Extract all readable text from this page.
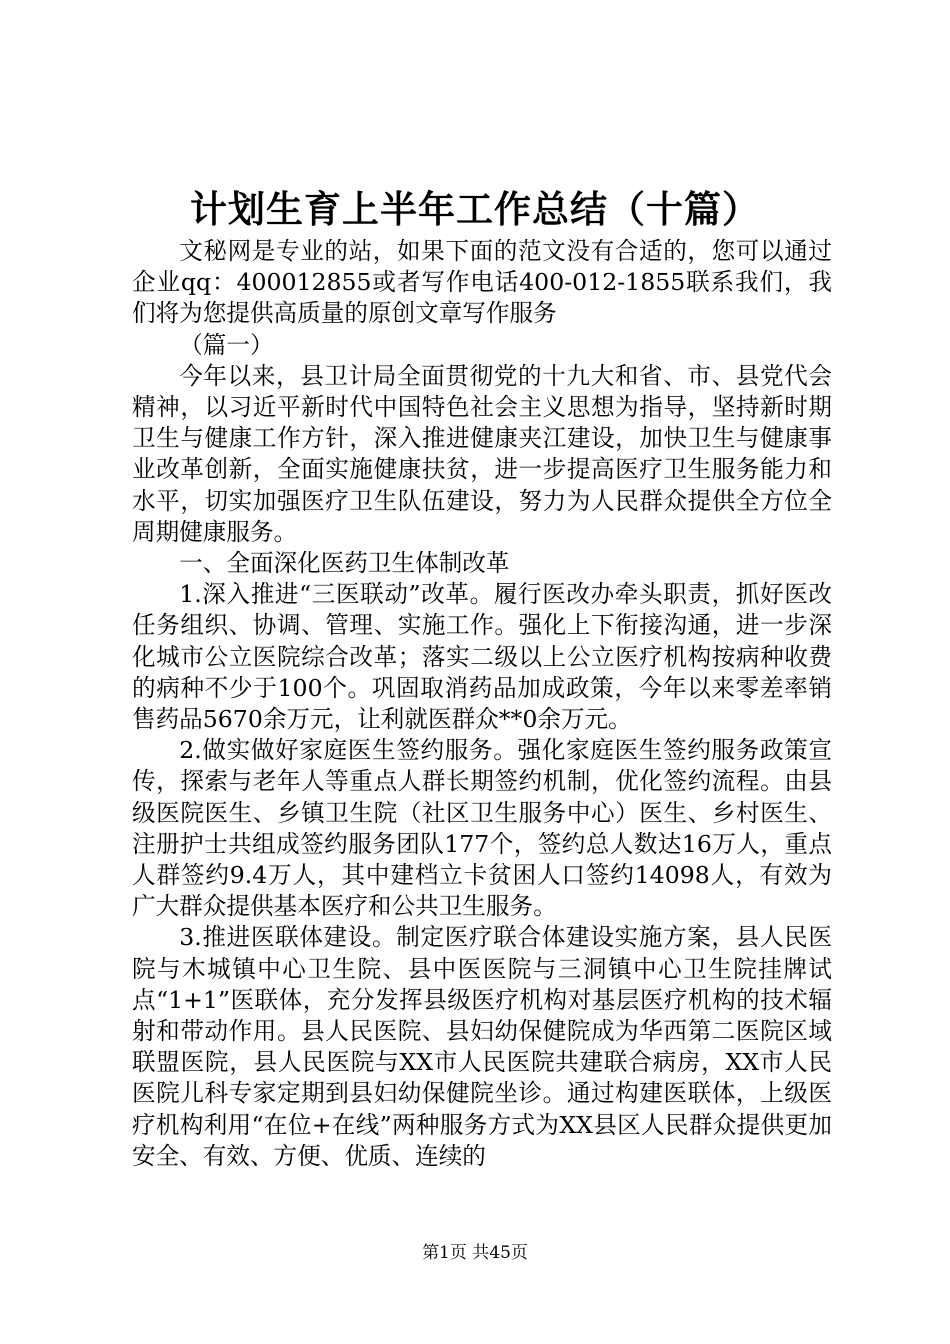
计划生育上半年工作总结（十篇）

文秘网是专业的站，如果下面的范文没有合适的，您可以通过企业qq：400012855或者写作电话400-012-1855联系我们，我们将为您提供高质量的原创文章写作服务

（篇一）

今年以来，县卫计局全面贯彻党的十九大和省、市、县党代会精神，以习近平新时代中国特色社会主义思想为指导，坚持新时期卫生与健康工作方针，深入推进健康夹江建设，加快卫生与健康事业改革创新，全面实施健康扶贫，进一步提高医疗卫生服务能力和水平，切实加强医疗卫生队伍建设，努力为人民群众提供全方位全周期健康服务。

一、全面深化医药卫生体制改革

1.深入推进“三医联动”改革。履行医改办牵头职责，抓好医改任务组织、协调、管理、实施工作。强化上下衔接沟通，进一步深化城市公立医院综合改革；落实二级以上公立医疗机构按病种收费的病种不少于100个。巩固取消药品加成政策，今年以来零差率销售药品5670余万元，让利就医群众**0余万元。

2.做实做好家庭医生签约服务。强化家庭医生签约服务政策宣传，探索与老年人等重点人群长期签约机制，优化签约流程。由县级医院医生、乡镇卫生院（社区卫生服务中心）医生、乡村医生、注册护士共组成签约服务团队177个，签约总人数达16万人，重点人群签约9.4万人，其中建档立卡贫困人口签约14098人，有效为广大群众提供基本医疗和公共卫生服务。

3.推进医联体建设。制定医疗联合体建设实施方案，县人民医院与木城镇中心卫生院、县中医医院与三洞镇中心卫生院挂牌试点“1+1”医联体，充分发挥县级医疗机构对基层医疗机构的技术辐射和带动作用。县人民医院、县妇幼保健院成为华西第二医院区域联盟医院，县人民医院与XX市人民医院共建联合病房，XX市人民医院儿科专家定期到县妇幼保健院坐诊。通过构建医联体，上级医疗机构利用“在位+在线”两种服务方式为XX县区人民群众提供更加安全、有效、方便、优质、连续的

第1页 共45页
